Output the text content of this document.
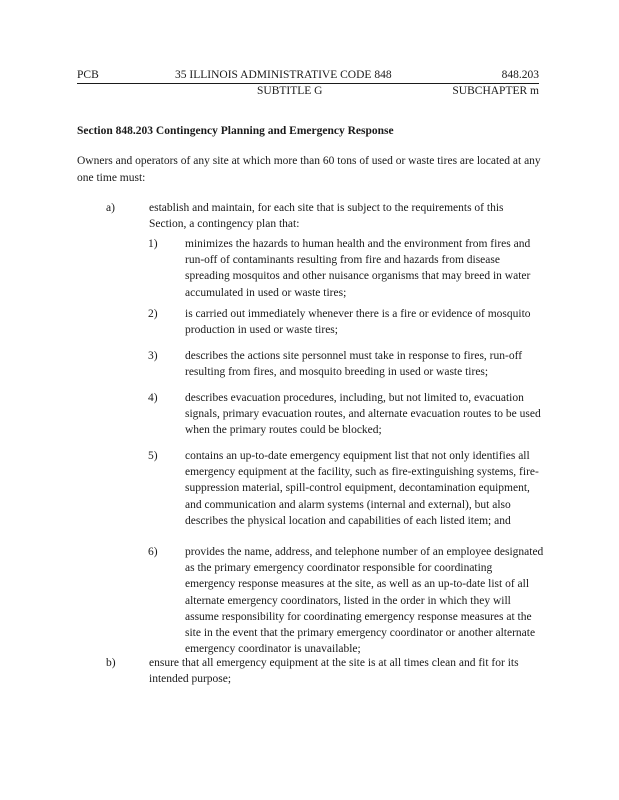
PCB	35 ILLINOIS ADMINISTRATIVE CODE 848	848.203
SUBTITLE G	SUBCHAPTER m
Section 848.203 Contingency Planning and Emergency Response
Owners and operators of any site at which more than 60 tons of used or waste tires are located at any one time must:
a)	establish and maintain, for each site that is subject to the requirements of this Section, a contingency plan that:
1) minimizes the hazards to human health and the environment from fires and run-off of contaminants resulting from fire and hazards from disease spreading mosquitos and other nuisance organisms that may breed in water accumulated in used or waste tires;
2) is carried out immediately whenever there is a fire or evidence of mosquito production in used or waste tires;
3) describes the actions site personnel must take in response to fires, run-off resulting from fires, and mosquito breeding in used or waste tires;
4) describes evacuation procedures, including, but not limited to, evacuation signals, primary evacuation routes, and alternate evacuation routes to be used when the primary routes could be blocked;
5) contains an up-to-date emergency equipment list that not only identifies all emergency equipment at the facility, such as fire-extinguishing systems, fire-suppression material, spill-control equipment, decontamination equipment, and communication and alarm systems (internal and external), but also describes the physical location and capabilities of each listed item; and
6) provides the name, address, and telephone number of an employee designated as the primary emergency coordinator responsible for coordinating emergency response measures at the site, as well as an up-to-date list of all alternate emergency coordinators, listed in the order in which they will assume responsibility for coordinating emergency response measures at the site in the event that the primary emergency coordinator or another alternate emergency coordinator is unavailable;
b)	ensure that all emergency equipment at the site is at all times clean and fit for its intended purpose;
